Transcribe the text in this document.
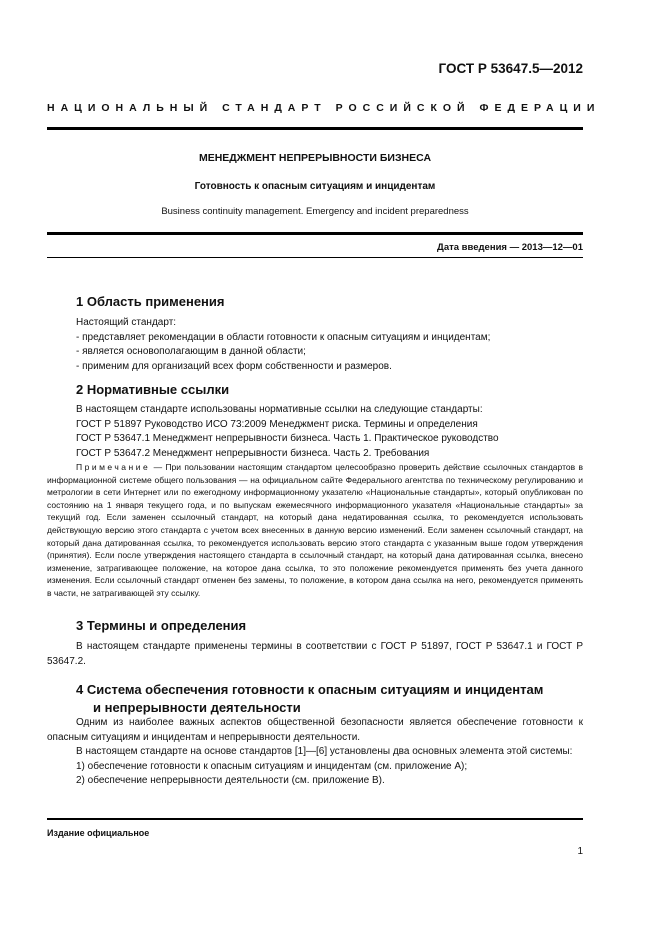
ГОСТ Р 53647.5—2012
НАЦИОНАЛЬНЫЙ СТАНДАРТ РОССИЙСКОЙ ФЕДЕРАЦИИ
МЕНЕДЖМЕНТ НЕПРЕРЫВНОСТИ БИЗНЕСА
Готовность к опасным ситуациям и инцидентам
Business continuity management. Emergency and incident preparedness
Дата введения — 2013—12—01
1 Область применения

Настоящий стандарт:

- представляет рекомендации в области готовности к опасным ситуациям и инцидентам;

- является основополагающим в данной области;

- применим для организаций всех форм собственности и размеров.

2 Нормативные ссылки

В настоящем стандарте использованы нормативные ссылки на следующие стандарты:

ГОСТ Р 51897 Руководство ИСО 73:2009 Менеджмент риска. Термины и определения

ГОСТ Р 53647.1 Менеджмент непрерывности бизнеса. Часть 1. Практическое руководство

ГОСТ Р 53647.2 Менеджмент непрерывности бизнеса. Часть 2. Требования

Примечание — При пользовании настоящим стандартом целесообразно проверить действие ссылочных стандартов в информационной системе общего пользования — на официальном сайте Федерального агентства по техническому регулированию и метрологии в сети Интернет или по ежегодному информационному указателю «Национальные стандарты», который опубликован по состоянию на 1 января текущего года, и по выпускам ежемесячного информационного указателя «Национальные стандарты» за текущий год. Если заменен ссылочный стандарт, на который дана недатированная ссылка, то рекомендуется использовать действующую версию этого стандарта с учетом всех внесенных в данную версию изменений. Если заменен ссылочный стандарт, на который дана датированная ссылка, то рекомендуется использовать версию этого стандарта с указанным выше годом утверждения (принятия). Если после утверждения настоящего стандарта в ссылочный стандарт, на который дана датированная ссылка, внесено изменение, затрагивающее положение, на которое дана ссылка, то это положение рекомендуется применять без учета данного изменения. Если ссылочный стандарт отменен без замены, то положение, в котором дана ссылка на него, рекомендуется применять в части, не затрагивающей эту ссылку.

3 Термины и определения

В настоящем стандарте применены термины в соответствии с ГОСТ Р 51897, ГОСТ Р 53647.1 и ГОСТ Р 53647.2.

4 Система обеспечения готовности к опасным ситуациям и инцидентам
и непрерывности деятельности

Одним из наиболее важных аспектов общественной безопасности является обеспечение готовности к опасным ситуациям и инцидентам и непрерывности деятельности.

В настоящем стандарте на основе стандартов [1]—[6] установлены два основных элемента этой системы:

1) обеспечение готовности к опасным ситуациям и инцидентам (см. приложение А);

2) обеспечение непрерывности деятельности (см. приложение В).

Издание официальное
1
